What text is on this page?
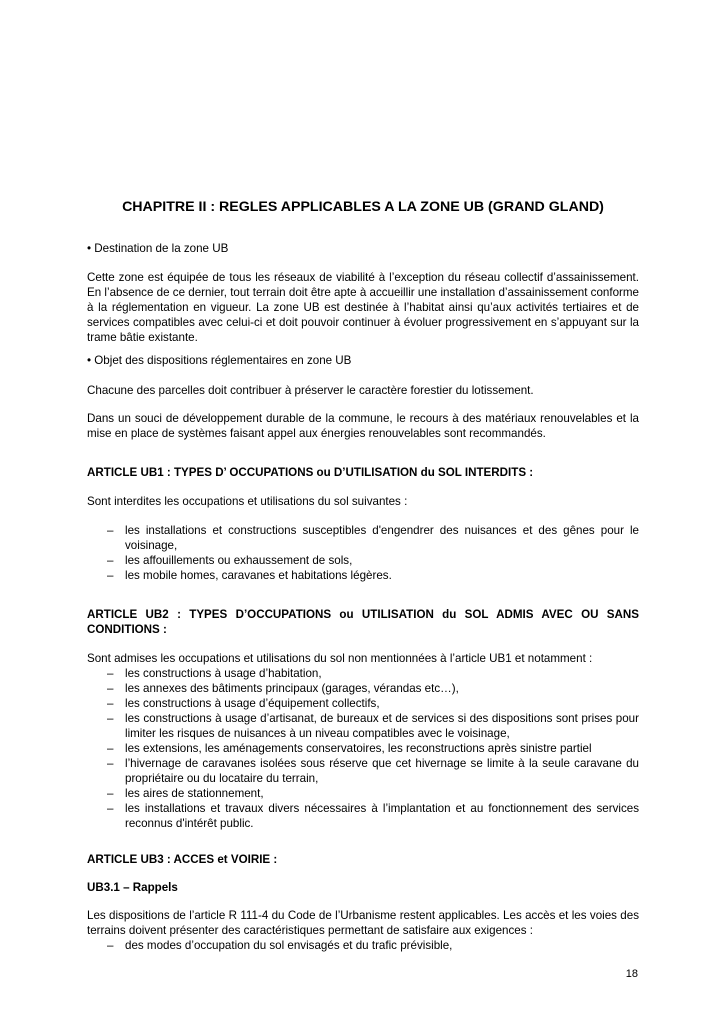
CHAPITRE II : REGLES APPLICABLES A LA ZONE UB (GRAND GLAND)
• Destination de la zone UB
Cette zone est équipée de tous les réseaux de viabilité à l’exception du réseau collectif d’assainissement. En l’absence de ce dernier, tout terrain doit être apte à accueillir une installation d’assainissement conforme à la réglementation en vigueur. La zone UB est destinée à l’habitat ainsi qu’aux activités tertiaires et de services compatibles avec celui-ci et doit pouvoir continuer à évoluer progressivement en s’appuyant sur la trame bâtie existante.
• Objet des dispositions réglementaires en zone UB
Chacune des parcelles doit contribuer à préserver le caractère forestier du lotissement.
Dans un souci de développement durable de la commune, le recours à des matériaux renouvelables et la mise en place de systèmes faisant appel aux énergies renouvelables sont recommandés.
ARTICLE UB1 : TYPES D’ OCCUPATIONS ou D’UTILISATION du SOL INTERDITS :
Sont interdites les occupations et utilisations du sol suivantes :
– les installations et constructions susceptibles d'engendrer des nuisances et des gênes pour le voisinage,
– les affouillements ou exhaussement de sols,
– les mobile homes, caravanes et habitations légères.
ARTICLE UB2 : TYPES D’OCCUPATIONS ou UTILISATION du SOL ADMIS AVEC OU SANS CONDITIONS :
Sont admises les occupations et utilisations du sol non mentionnées à l’article UB1 et notamment :
– les constructions à usage d’habitation,
– les annexes des bâtiments principaux (garages, vérandas etc…),
– les constructions à usage d’équipement collectifs,
– les constructions à usage d’artisanat, de bureaux et de services si des dispositions sont prises pour limiter les risques de nuisances à un niveau compatibles avec le voisinage,
– les extensions, les aménagements conservatoires, les reconstructions après sinistre partiel
– l’hivernage de caravanes isolées sous réserve que cet hivernage se limite à la seule caravane du propriétaire ou du locataire du terrain,
– les aires de stationnement,
– les installations et travaux divers nécessaires à l’implantation et au fonctionnement des services reconnus d'intérêt public.
ARTICLE UB3 : ACCES et VOIRIE :
UB3.1 – Rappels
Les dispositions de l’article R 111-4 du Code de l’Urbanisme restent applicables. Les accès et les voies des terrains doivent présenter des caractéristiques permettant de satisfaire aux exigences :
– des modes d’occupation du sol envisagés et du trafic prévisible,
18
